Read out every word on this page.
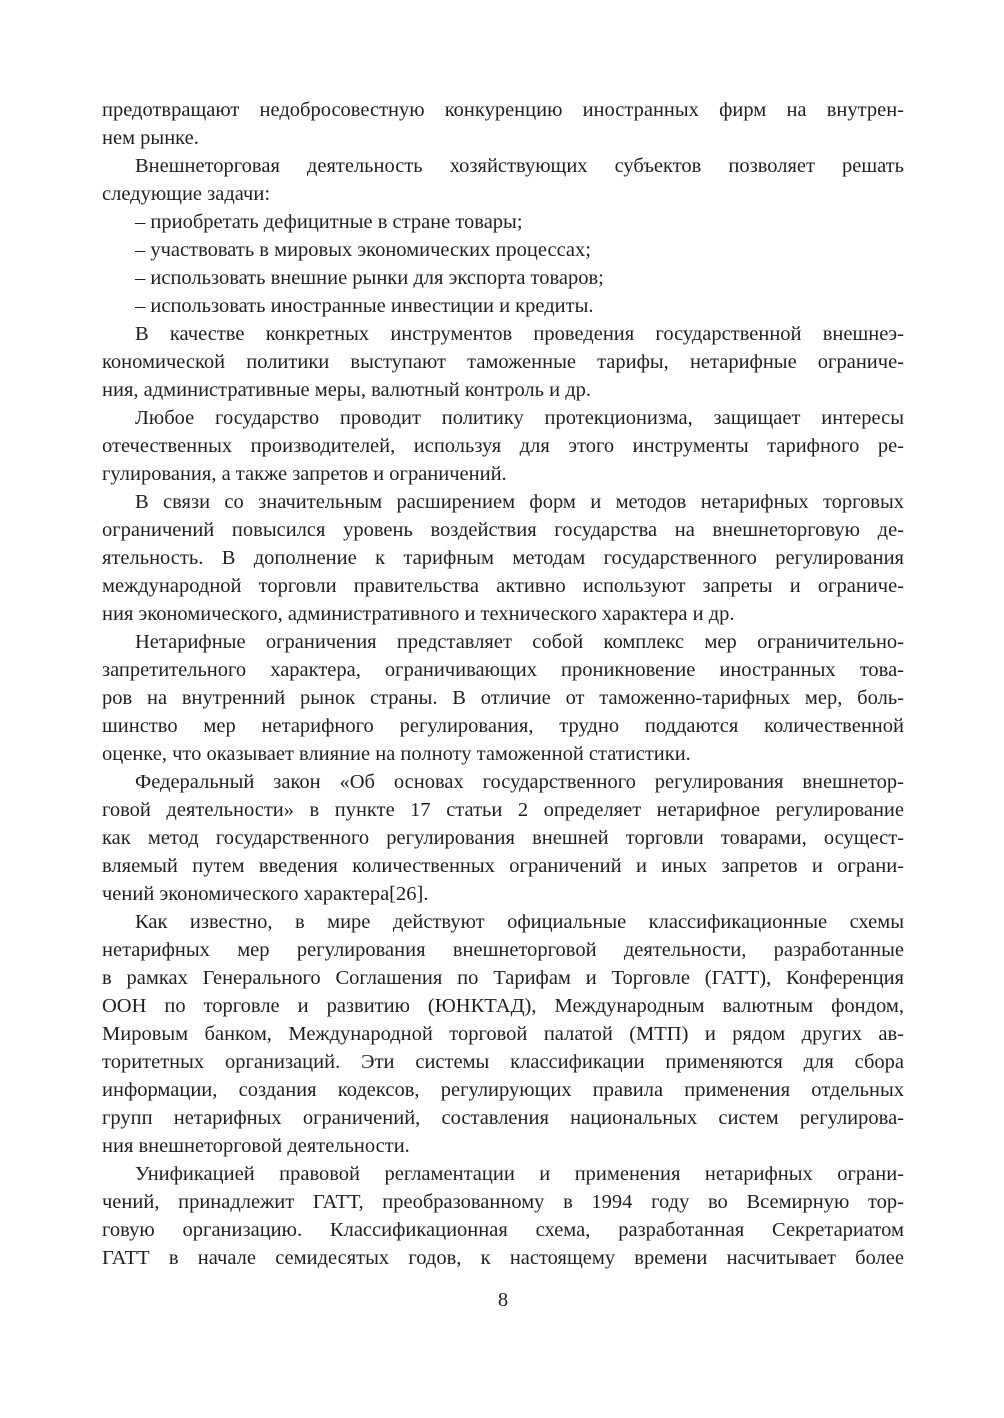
предотвращают недобросовестную конкуренцию иностранных фирм на внутрен-
нем рынке.
Внешнеторговая деятельность хозяйствующих субъектов позволяет решать
следующие задачи:
– приобретать дефицитные в стране товары;
– участвовать в мировых экономических процессах;
– использовать внешние рынки для экспорта товаров;
– использовать иностранные инвестиции и кредиты.
В качестве конкретных инструментов проведения государственной внешнеэ-
кономической политики выступают таможенные тарифы, нетарифные ограниче-
ния, административные меры, валютный контроль и др.
Любое государство проводит политику протекционизма, защищает интересы
отечественных производителей, используя для этого инструменты тарифного ре-
гулирования, а также запретов и ограничений.
В связи со значительным расширением форм и методов нетарифных торговых
ограничений повысился уровень воздействия государства на внешнеторговую де-
ятельность. В дополнение к тарифным методам государственного регулирования
международной торговли правительства активно используют запреты и ограниче-
ния экономического, административного и технического характера и др.
Нетарифные ограничения представляет собой комплекс мер ограничительно-
запретительного характера, ограничивающих проникновение иностранных това-
ров на внутренний рынок страны. В отличие от таможенно-тарифных мер, боль-
шинство мер нетарифного регулирования, трудно поддаются количественной
оценке, что оказывает влияние на полноту таможенной статистики.
Федеральный закон «Об основах государственного регулирования внешнетор-
говой деятельности» в пункте 17 статьи 2 определяет нетарифное регулирование
как метод государственного регулирования внешней торговли товарами, осущест-
вляемый путем введения количественных ограничений и иных запретов и ограни-
чений экономического характера[26].
Как известно, в мире действуют официальные классификационные схемы
нетарифных мер регулирования внешнеторговой деятельности, разработанные
в рамках Генерального Соглашения по Тарифам и Торговле (ГАТТ), Конференция
ООН по торговле и развитию (ЮНКТАД), Международным валютным фондом,
Мировым банком, Международной торговой палатой (МТП) и рядом других ав-
торитетных организаций. Эти системы классификации применяются для сбора
информации, создания кодексов, регулирующих правила применения отдельных
групп нетарифных ограничений, составления национальных систем регулирова-
ния внешнеторговой деятельности.
Унификацией правовой регламентации и применения нетарифных ограни-
чений, принадлежит ГАТТ, преобразованному в 1994 году во Всемирную тор-
говую организацию. Классификационная схема, разработанная Секретариатом
ГАТТ в начале семидесятых годов, к настоящему времени насчитывает более
8
